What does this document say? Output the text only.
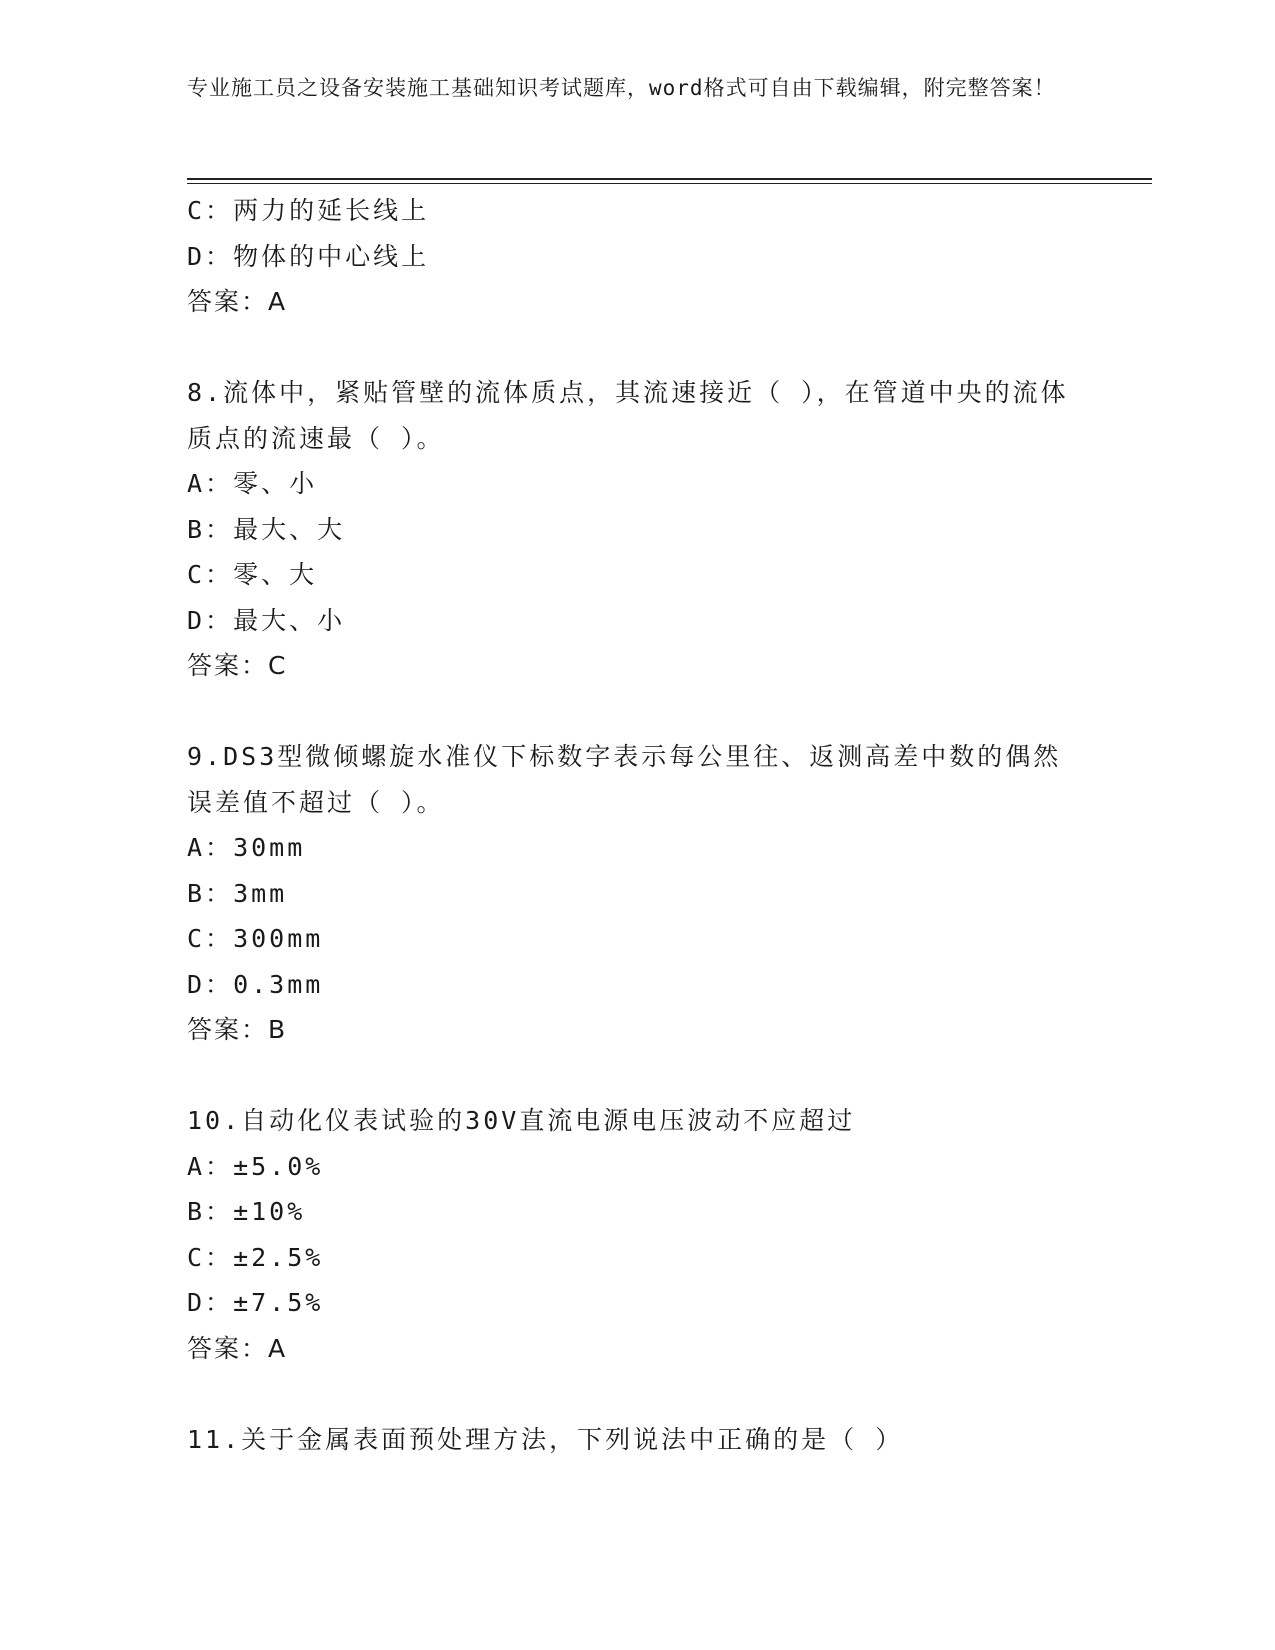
专业施工员之设备安装施工基础知识考试题库，word格式可自由下载编辑，附完整答案！
C：两力的延长线上
D：物体的中心线上
答案：A
8.流体中，紧贴管壁的流体质点，其流速接近（ ），在管道中央的流体质点的流速最（ ）。
A：零、小
B：最大、大
C：零、大
D：最大、小
答案：C
9.DS3型微倾螺旋水准仪下标数字表示每公里往、返测高差中数的偶然误差值不超过（ ）。
A：30mm
B：3mm
C：300mm
D：0.3mm
答案：B
10.自动化仪表试验的30V直流电源电压波动不应超过
A：±5.0%
B：±10%
C：±2.5%
D：±7.5%
答案：A
11.关于金属表面预处理方法，下列说法中正确的是（ ）
